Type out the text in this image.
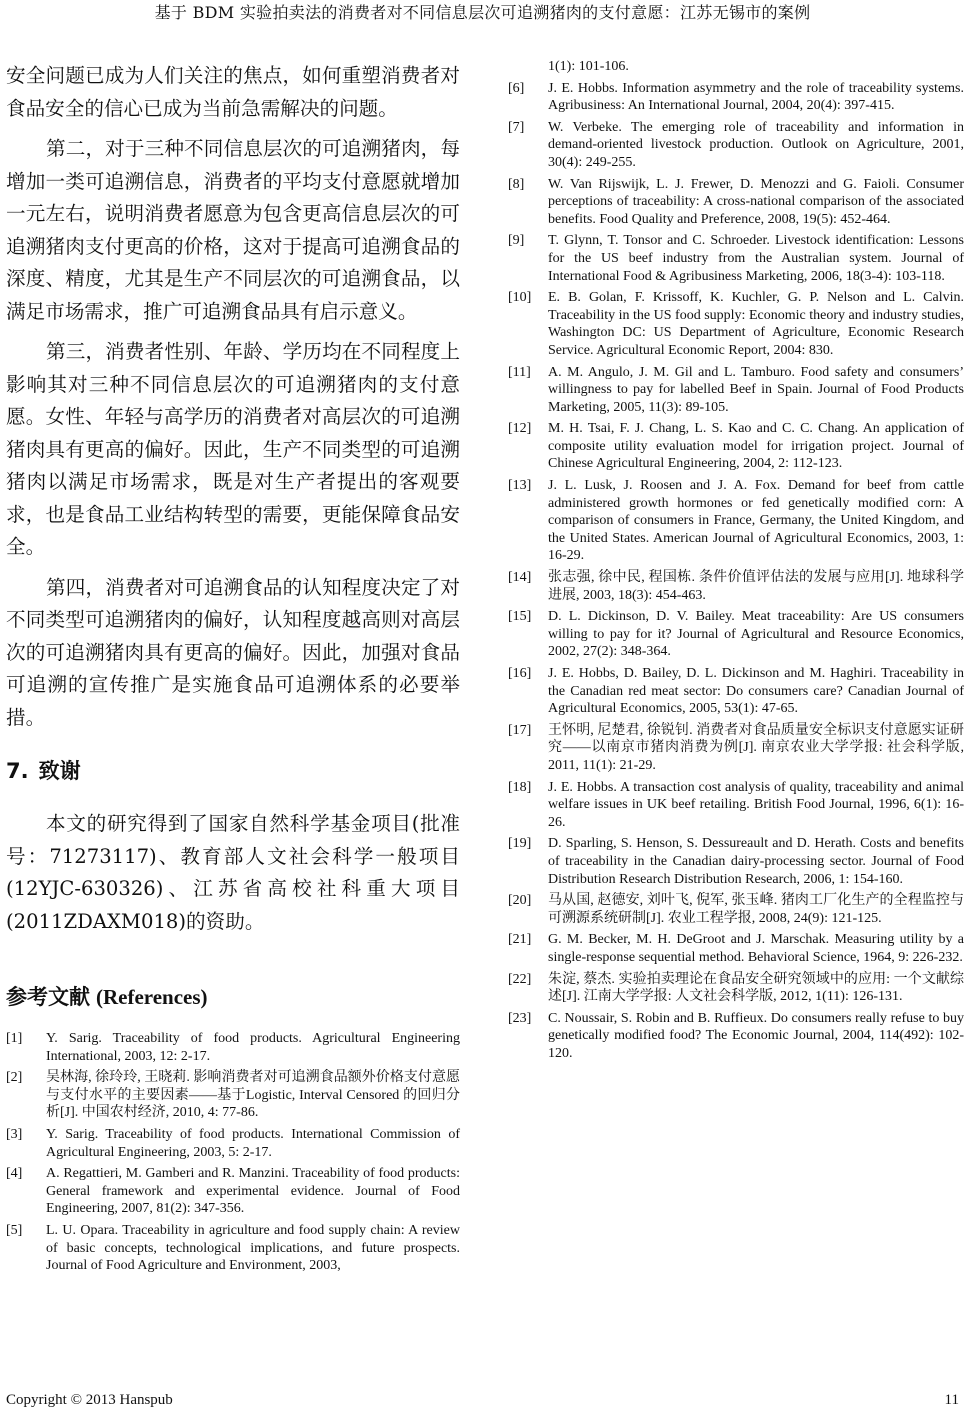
基于 BDM 实验拍卖法的消费者对不同信息层次可追溯猪肉的支付意愿：江苏无锡市的案例

安全问题已成为人们关注的焦点，如何重塑消费者对食品安全的信心已成为当前急需解决的问题。

第二，对于三种不同信息层次的可追溯猪肉，每增加一类可追溯信息，消费者的平均支付意愿就增加一元左右，说明消费者愿意为包含更高信息层次的可追溯猪肉支付更高的价格，这对于提高可追溯食品的深度、精度，尤其是生产不同层次的可追溯食品，以满足市场需求，推广可追溯食品具有启示意义。

第三，消费者性别、年龄、学历均在不同程度上影响其对三种不同信息层次的可追溯猪肉的支付意愿。女性、年轻与高学历的消费者对高层次的可追溯猪肉具有更高的偏好。因此，生产不同类型的可追溯猪肉以满足市场需求，既是对生产者提出的客观要求，也是食品工业结构转型的需要，更能保障食品安全。

第四，消费者对可追溯食品的认知程度决定了对不同类型可追溯猪肉的偏好，认知程度越高则对高层次的可追溯猪肉具有更高的偏好。因此，加强对食品可追溯的宣传推广是实施食品可追溯体系的必要举措。

7. 致谢

本文的研究得到了国家自然科学基金项目(批准号：71273117)、教育部人文社会科学一般项目(12YJC-630326)、江苏省高校社科重大项目(2011ZDAXM018)的资助。

参考文献 (References)
[1]	Y. Sarig. Traceability of food products. Agricultural Engineering International, 2003, 12: 2-17.
[2]	吴林海, 徐玲玲, 王晓莉. 影响消费者对可追溯食品额外价格支付意愿与支付水平的主要因素——基于Logistic, Interval Censored 的回归分析[J]. 中国农村经济, 2010, 4: 77-86.
[3]	Y. Sarig. Traceability of food products. International Commission of Agricultural Engineering, 2003, 5: 2-17.
[4]	A. Regattieri, M. Gamberi and R. Manzini. Traceability of food products: General framework and experimental evidence. Journal of Food Engineering, 2007, 81(2): 347-356.
[5]	L. U. Opara. Traceability in agriculture and food supply chain: A review of basic concepts, technological implications, and future prospects. Journal of Food Agriculture and Environment, 2003,
1(1): 101-106.
[6]	J. E. Hobbs. Information asymmetry and the role of traceability systems. Agribusiness: An International Journal, 2004, 20(4): 397-415.
[7]	W. Verbeke. The emerging role of traceability and information in demand-oriented livestock production. Outlook on Agriculture, 2001, 30(4): 249-255.
[8]	W. Van Rijswijk, L. J. Frewer, D. Menozzi and G. Faioli. Consumer perceptions of traceability: A cross-national comparison of the associated benefits. Food Quality and Preference, 2008, 19(5): 452-464.
[9]	T. Glynn, T. Tonsor and C. Schroeder. Livestock identification: Lessons for the US beef industry from the Australian system. Journal of International Food & Agribusiness Marketing, 2006, 18(3-4): 103-118.
[10]	E. B. Golan, F. Krissoff, K. Kuchler, G. P. Nelson and L. Calvin. Traceability in the US food supply: Economic theory and industry studies, Washington DC: US Department of Agriculture, Economic Research Service. Agricultural Economic Report, 2004: 830.
[11]	A. M. Angulo, J. M. Gil and L. Tamburo. Food safety and consumers’ willingness to pay for labelled Beef in Spain. Journal of Food Products Marketing, 2005, 11(3): 89-105.
[12]	M. H. Tsai, F. J. Chang, L. S. Kao and C. C. Chang. An application of composite utility evaluation model for irrigation project. Journal of Chinese Agricultural Engineering, 2004, 2: 112-123.
[13]	J. L. Lusk, J. Roosen and J. A. Fox. Demand for beef from cattle administered growth hormones or fed genetically modified corn: A comparison of consumers in France, Germany, the United Kingdom, and the United States. American Journal of Agricultural Economics, 2003, 1: 16-29.
[14]	张志强, 徐中民, 程国栋. 条件价值评估法的发展与应用[J]. 地球科学进展, 2003, 18(3): 454-463.
[15]	D. L. Dickinson, D. V. Bailey. Meat traceability: Are US consumers willing to pay for it? Journal of Agricultural and Resource Economics, 2002, 27(2): 348-364.
[16]	J. E. Hobbs, D. Bailey, D. L. Dickinson and M. Haghiri. Traceability in the Canadian red meat sector: Do consumers care? Canadian Journal of Agricultural Economics, 2005, 53(1): 47-65.
[17]	王怀明, 尼楚君, 徐锐钊. 消费者对食品质量安全标识支付意愿实证研究——以南京市猪肉消费为例[J]. 南京农业大学学报: 社会科学版, 2011, 11(1): 21-29.
[18]	J. E. Hobbs. A transaction cost analysis of quality, traceability and animal welfare issues in UK beef retailing. British Food Journal, 1996, 6(1): 16-26.
[19]	D. Sparling, S. Henson, S. Dessureault and D. Herath. Costs and benefits of traceability in the Canadian dairy-processing sector. Journal of Food Distribution Research Distribution Research, 2006, 1: 154-160.
[20]	马从国, 赵德安, 刘叶飞, 倪军, 张玉峰. 猪肉工厂化生产的全程监控与可溯源系统研制[J]. 农业工程学报, 2008, 24(9): 121-125.
[21]	G. M. Becker, M. H. DeGroot and J. Marschak. Measuring utility by a single-response sequential method. Behavioral Science, 1964, 9: 226-232.
[22]	朱淀, 蔡杰. 实验拍卖理论在食品安全研究领域中的应用: 一个文献综述[J]. 江南大学学报: 人文社会科学版, 2012, 1(11): 126-131.
[23]	C. Noussair, S. Robin and B. Ruffieux. Do consumers really refuse to buy genetically modified food? The Economic Journal, 2004, 114(492): 102-120.
Copyright © 2013 Hanspub	11
